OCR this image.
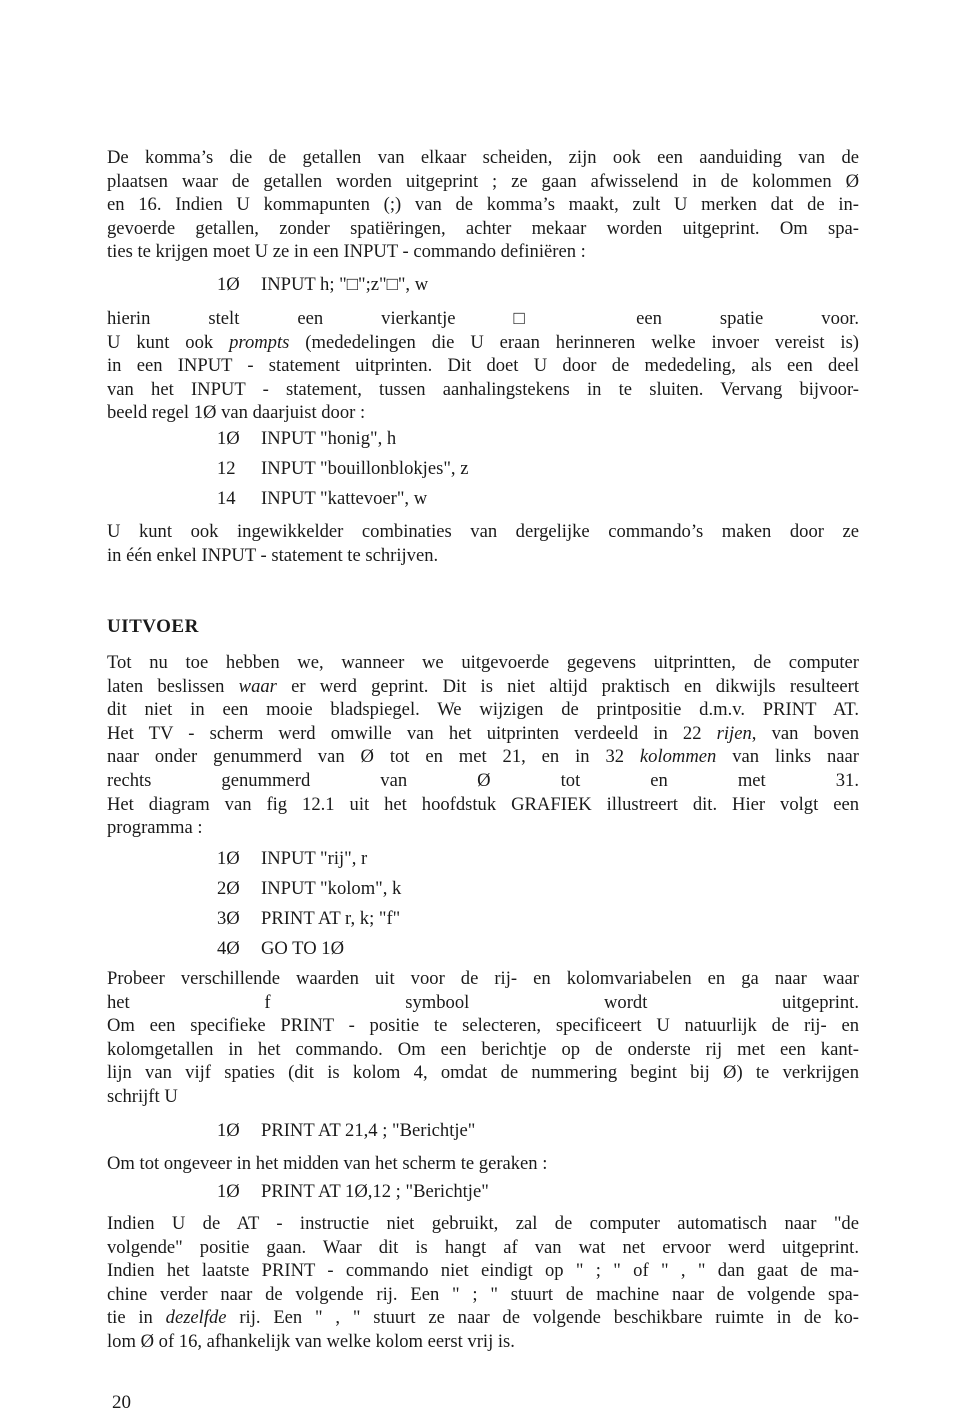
De komma’s die de getallen van elkaar scheiden, zijn ook een aanduiding van de
plaatsen waar de getallen worden uitgeprint ; ze gaan afwisselend in de kolommen Ø
en 16. Indien U kommapunten (;) van de komma’s maakt, zult U merken dat de in-
gevoerde getallen, zonder spatiëringen, achter mekaar worden uitgeprint. Om spa-
ties te krijgen moet U ze in een INPUT - commando definiëren :
1Ø INPUT h; "□";z"□", w
hierin stelt een vierkantje □ een spatie voor.
U kunt ook prompts (mededelingen die U eraan herinneren welke invoer vereist is)
in een INPUT - statement uitprinten. Dit doet U door de mededeling, als een deel
van het INPUT - statement, tussen aanhalingstekens in te sluiten. Vervang bijvoor-
beeld regel 1Ø van daarjuist door :
1Ø INPUT "honig", h
12 INPUT "bouillonblokjes", z
14 INPUT "kattevoer", w
U kunt ook ingewikkelder combinaties van dergelijke commando’s maken door ze
in één enkel INPUT - statement te schrijven.
UITVOER
Tot nu toe hebben we, wanneer we uitgevoerde gegevens uitprintten, de computer
laten beslissen waar er werd geprint. Dit is niet altijd praktisch en dikwijls resulteert
dit niet in een mooie bladspiegel. We wijzigen de printpositie d.m.v. PRINT AT.
Het TV - scherm werd omwille van het uitprinten verdeeld in 22 rijen, van boven
naar onder genummerd van Ø tot en met 21, en in 32 kolommen van links naar
rechts genummerd van Ø tot en met 31.
Het diagram van fig 12.1 uit het hoofdstuk GRAFIEK illustreert dit. Hier volgt een
programma :
1Ø INPUT "rij", r
2Ø INPUT "kolom", k
3Ø PRINT AT r, k; "f"
4Ø GO TO 1Ø
Probeer verschillende waarden uit voor de rij- en kolomvariabelen en ga naar waar
het f symbool wordt uitgeprint.
Om een specifieke PRINT - positie te selecteren, specificeert U natuurlijk de rij- en
kolomgetallen in het commando. Om een berichtje op de onderste rij met een kant-
lijn van vijf spaties (dit is kolom 4, omdat de nummering begint bij Ø) te verkrijgen
schrijft U
1Ø PRINT AT 21,4 ; "Berichtje"
Om tot ongeveer in het midden van het scherm te geraken :
1Ø PRINT AT 1Ø,12 ; "Berichtje"
Indien U de AT - instructie niet gebruikt, zal de computer automatisch naar "de
volgende" positie gaan. Waar dit is hangt af van wat net ervoor werd uitgeprint.
Indien het laatste PRINT - commando niet eindigt op " ; " of " , " dan gaat de ma-
chine verder naar de volgende rij. Een " ; " stuurt de machine naar de volgende spa-
tie in dezelfde rij. Een " , " stuurt ze naar de volgende beschikbare ruimte in de ko-
lom Ø of 16, afhankelijk van welke kolom eerst vrij is.
20
